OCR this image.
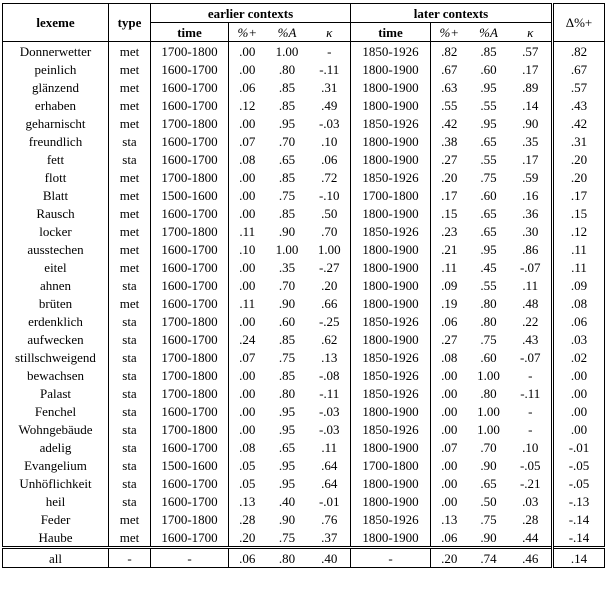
lexeme	type	earlier contexts				later contexts				Δ%+
		time	%+	%A	κ	time	%+	%A	κ	
Donnerwetter	met	1700-1800	.00	1.00	-	1850-1926	.82	.85	.57	.82
peinlich	met	1600-1700	.00	.80	-.11	1800-1900	.67	.60	.17	.67
glänzend	met	1600-1700	.06	.85	.31	1800-1900	.63	.95	.89	.57
erhaben	met	1600-1700	.12	.85	.49	1800-1900	.55	.55	.14	.43
geharnischt	met	1700-1800	.00	.95	-.03	1850-1926	.42	.95	.90	.42
freundlich	sta	1600-1700	.07	.70	.10	1800-1900	.38	.65	.35	.31
fett	sta	1600-1700	.08	.65	.06	1800-1900	.27	.55	.17	.20
flott	met	1700-1800	.00	.85	.72	1850-1926	.20	.75	.59	.20
Blatt	met	1500-1600	.00	.75	-.10	1700-1800	.17	.60	.16	.17
Rausch	met	1600-1700	.00	.85	.50	1800-1900	.15	.65	.36	.15
locker	met	1700-1800	.11	.90	.70	1850-1926	.23	.65	.30	.12
ausstechen	met	1600-1700	.10	1.00	1.00	1800-1900	.21	.95	.86	.11
eitel	met	1600-1700	.00	.35	-.27	1800-1900	.11	.45	-.07	.11
ahnen	sta	1600-1700	.00	.70	.20	1800-1900	.09	.55	.11	.09
brüten	met	1600-1700	.11	.90	.66	1800-1900	.19	.80	.48	.08
erdenklich	sta	1700-1800	.00	.60	-.25	1850-1926	.06	.80	.22	.06
aufwecken	sta	1600-1700	.24	.85	.62	1800-1900	.27	.75	.43	.03
stillschweigend	sta	1700-1800	.07	.75	.13	1850-1926	.08	.60	-.07	.02
bewachsen	sta	1700-1800	.00	.85	-.08	1850-1926	.00	1.00	-	.00
Palast	sta	1700-1800	.00	.80	-.11	1850-1926	.00	.80	-.11	.00
Fenchel	sta	1600-1700	.00	.95	-.03	1800-1900	.00	1.00	-	.00
Wohngebäude	sta	1700-1800	.00	.95	-.03	1850-1926	.00	1.00	-	.00
adelig	sta	1600-1700	.08	.65	.11	1800-1900	.07	.70	.10	-.01
Evangelium	sta	1500-1600	.05	.95	.64	1700-1800	.00	.90	-.05	-.05
Unhöflichkeit	sta	1600-1700	.05	.95	.64	1800-1900	.00	.65	-.21	-.05
heil	sta	1600-1700	.13	.40	-.01	1800-1900	.00	.50	.03	-.13
Feder	met	1700-1800	.28	.90	.76	1850-1926	.13	.75	.28	-.14
Haube	met	1600-1700	.20	.75	.37	1800-1900	.06	.90	.44	-.14
all	-	-	.06	.80	.40	-	.20	.74	.46	.14
